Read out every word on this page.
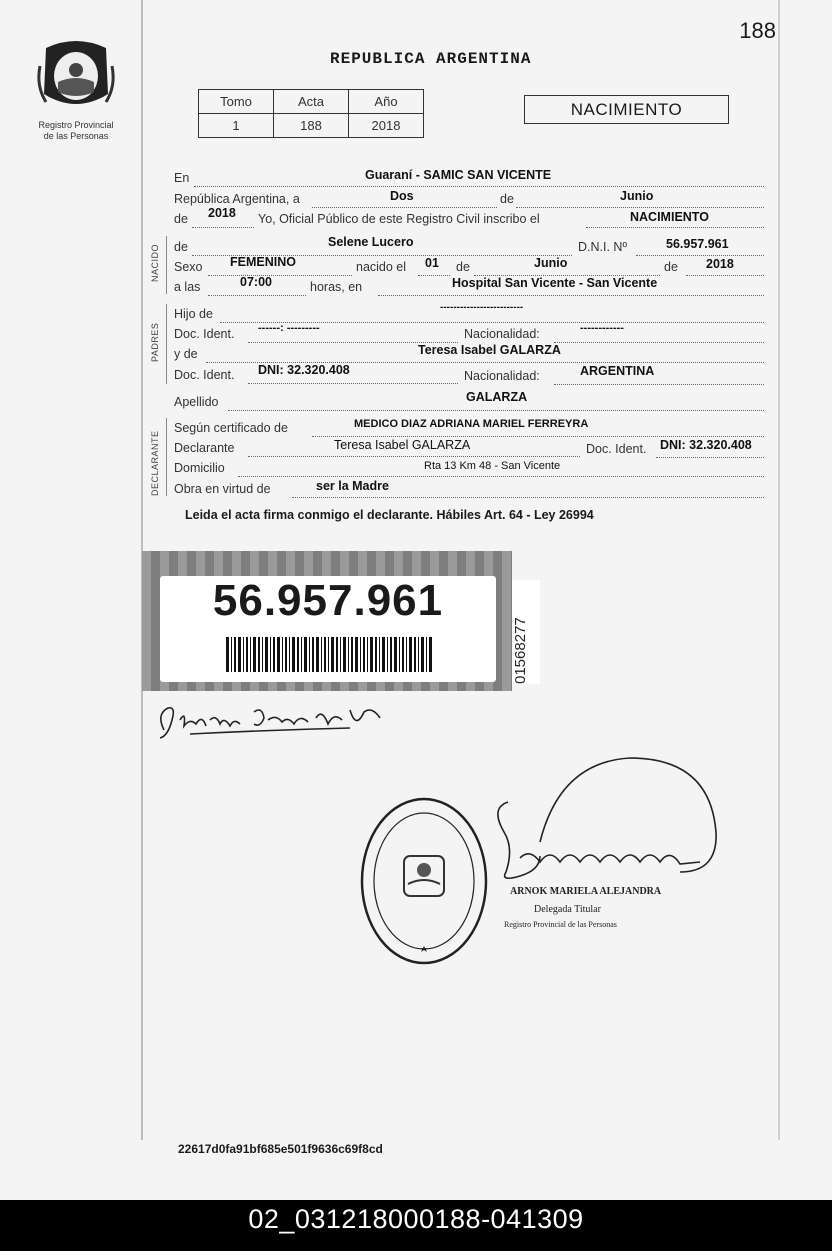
188
Registro Provincial
de las Personas
REPUBLICA ARGENTINA
Tomo	Acta	Año
1	188	2018
NACIMIENTO
En	Guaraní - SAMIC SAN VICENTE
República Argentina, a	Dos	de	Junio
de 2018 Yo, Oficial Público de este Registro Civil inscribo el	NACIMIENTO
de	Selene Lucero	D.N.I. Nº	56.957.961
Sexo FEMENINO	nacido el 01 de	Junio	de 2018
a las	07:00	horas, en	Hospital San Vicente - San Vicente
Hijo de	-------------------------
Doc. Ident. ------: ---------	Nacionalidad:	------------
y de	Teresa Isabel GALARZA
Doc. Ident. DNI: 32.320.408	Nacionalidad:	ARGENTINA
Apellido	GALARZA
Según certificado de	MEDICO DIAZ ADRIANA MARIEL FERREYRA
Declarante	Teresa Isabel GALARZA	Doc. Ident. DNI: 32.320.408
Domicilio	Rta 13 Km 48 - San Vicente
Obra en virtud de	ser la Madre
NACIDO
PADRES
DECLARANTE
Leida el acta firma conmigo el declarante. Hábiles Art. 64 - Ley 26994
56.957.961
01568277
ARNOK MARIELA ALEJANDRA
Delegada Titular
Registro Provincial de las Personas
22617d0fa91bf685e501f9636c69f8cd
02_031218000188-041309
